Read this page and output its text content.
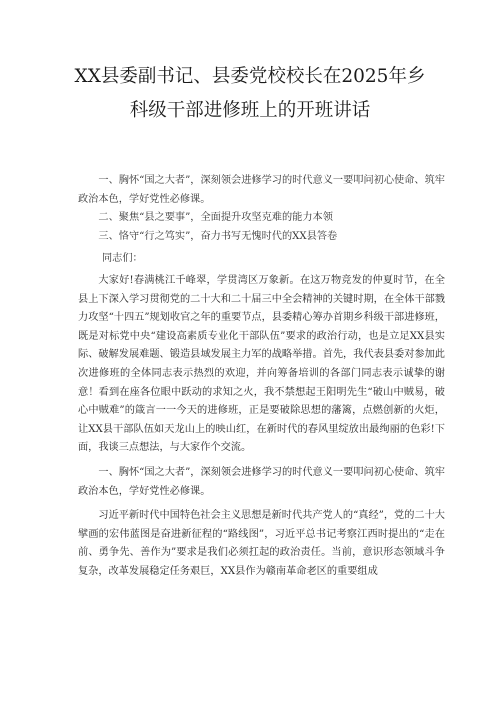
XX县委副书记、县委党校校长在2025年乡
科级干部进修班上的开班讲话

一、胸怀“国之大者”，深刻领会进修学习的时代意义一要叩问初心使命、筑牢政治本色，学好党性必修课。

二、聚焦“县之要事”，全面提升攻坚克难的能力本领

三、恪守“行之笃实”，奋力书写无愧时代的XX县答卷

同志们：

大家好!春满桃江千峰翠，学贯湾区万象新。在这万物竞发的仲夏时节，在全县上下深入学习贯彻党的二十大和二十届三中全会精神的关键时期，在全体干部戮力攻坚“十四五”规划收官之年的重要节点，县委精心筹办首期乡科级干部进修班，既是对标党中央“建设高素质专业化干部队伍”要求的政治行动，也是立足XX县实际、破解发展难题、锻造县域发展主力军的战略举措。首先，我代表县委对参加此次进修班的全体同志表示热烈的欢迎，并向筹备培训的各部门同志表示诚挚的谢意！看到在座各位眼中跃动的求知之火，我不禁想起王阳明先生“破山中贼易，破心中贼难”的箴言一一今天的进修班，正是要破除思想的藩篱，点燃创新的火炬，让XX县干部队伍如天龙山上的映山红，在新时代的春风里绽放出最绚丽的色彩!下面，我谈三点想法，与大家作个交流。

一、胸怀“国之大者”，深刻领会进修学习的时代意义一要叩问初心使命、筑牢政治本色，学好党性必修课。

习近平新时代中国特色社会主义思想是新时代共产党人的“真经”，党的二十大擘画的宏伟蓝图是奋进新征程的“路线图”，习近平总书记考察江西时提出的“走在前、勇争先、善作为”要求是我们必须扛起的政治责任。当前，意识形态领域斗争复杂，改革发展稳定任务艰巨，XX县作为赣南革命老区的重要组成
